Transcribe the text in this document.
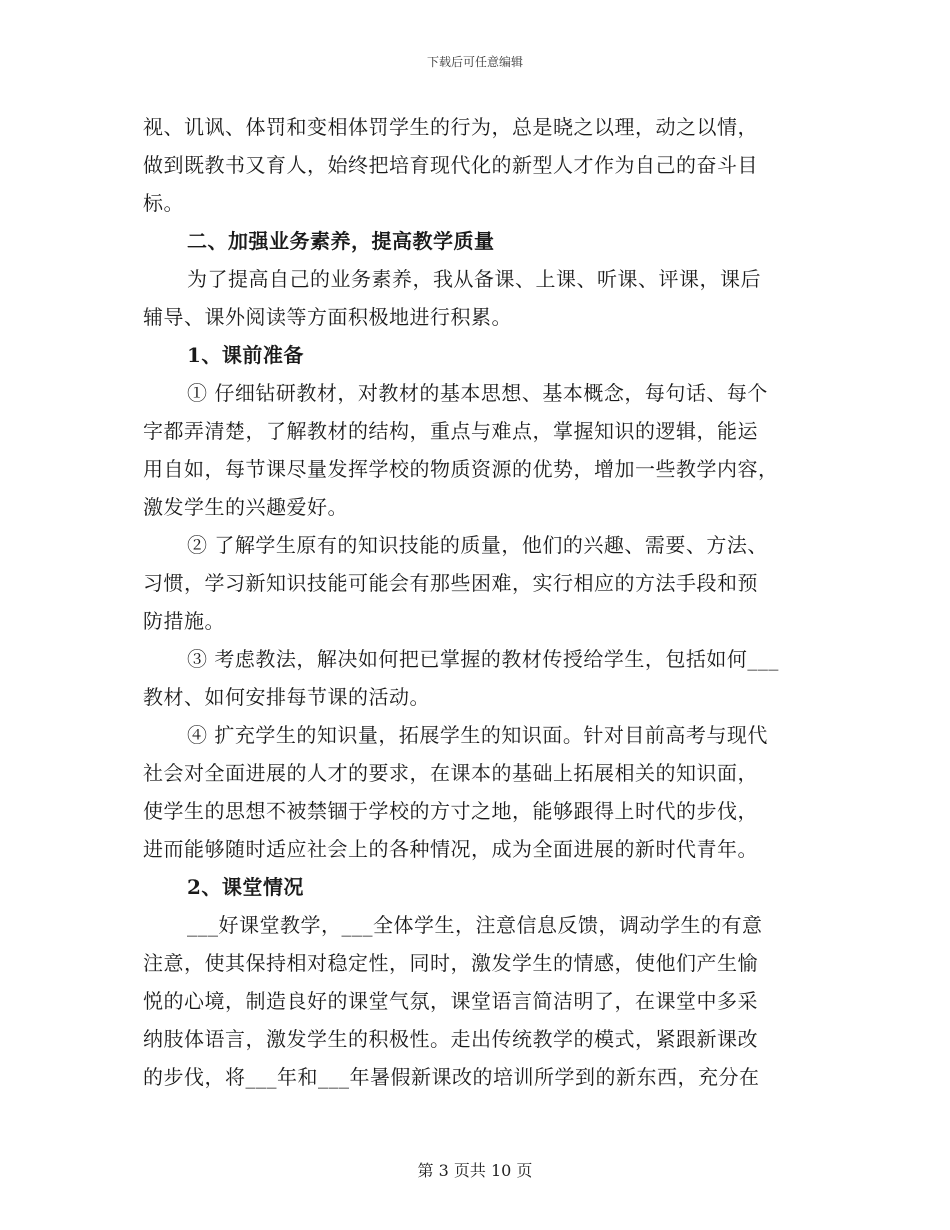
下载后可任意编辑
视、讥讽、体罚和变相体罚学生的行为，总是晓之以理，动之以情，
做到既教书又育人，始终把培育现代化的新型人才作为自己的奋斗目
标。
二、加强业务素养，提高教学质量
为了提高自己的业务素养，我从备课、上课、听课、评课，课后
辅导、课外阅读等方面积极地进行积累。
1、课前准备
① 仔细钻研教材，对教材的基本思想、基本概念，每句话、每个
字都弄清楚，了解教材的结构，重点与难点，掌握知识的逻辑，能运
用自如，每节课尽量发挥学校的物质资源的优势，增加一些教学内容，
激发学生的兴趣爱好。
② 了解学生原有的知识技能的质量，他们的兴趣、需要、方法、
习惯，学习新知识技能可能会有那些困难，实行相应的方法手段和预
防措施。
③ 考虑教法，解决如何把已掌握的教材传授给学生，包括如何___
教材、如何安排每节课的活动。
④ 扩充学生的知识量，拓展学生的知识面。针对目前高考与现代
社会对全面进展的人才的要求，在课本的基础上拓展相关的知识面，
使学生的思想不被禁锢于学校的方寸之地，能够跟得上时代的步伐，
进而能够随时适应社会上的各种情况，成为全面进展的新时代青年。
2、课堂情况
___好课堂教学，___全体学生，注意信息反馈，调动学生的有意
注意，使其保持相对稳定性，同时，激发学生的情感，使他们产生愉
悦的心境，制造良好的课堂气氛，课堂语言简洁明了，在课堂中多采
纳肢体语言，激发学生的积极性。走出传统教学的模式，紧跟新课改
的步伐，将___年和___年暑假新课改的培训所学到的新东西，充分在
第 3 页共 10 页
